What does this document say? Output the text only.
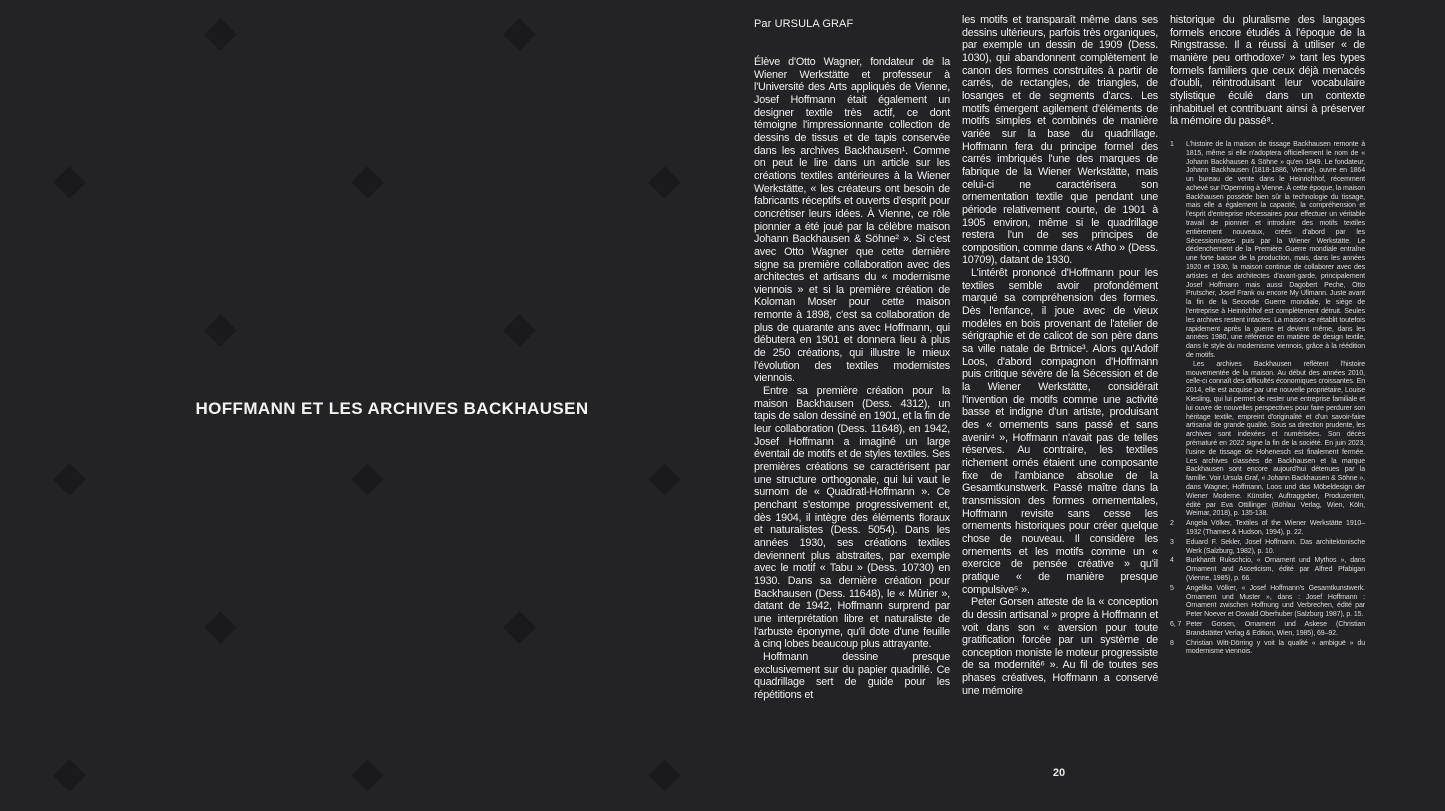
HOFFMANN ET LES ARCHIVES BACKHAUSEN
Par URSULA GRAF

Élève d'Otto Wagner, fondateur de la Wiener Werkstätte et professeur à l'Université des Arts appliqués de Vienne, Josef Hoffmann était également un designer textile très actif, ce dont témoigne l'impressionnante collection de dessins de tissus et de tapis conservée dans les archives Backhausen¹. Comme on peut le lire dans un article sur les créations textiles antérieures à la Wiener Werkstätte, « les créateurs ont besoin de fabricants réceptifs et ouverts d'esprit pour concrétiser leurs idées. À Vienne, ce rôle pionnier a été joué par la célèbre maison Johann Backhausen & Söhne² ». Si c'est avec Otto Wagner que cette dernière signe sa première collaboration avec des architectes et artisans du « modernisme viennois » et si la première création de Koloman Moser pour cette maison remonte à 1898, c'est sa collaboration de plus de quarante ans avec Hoffmann, qui débutera en 1901 et donnera lieu à plus de 250 créations, qui illustre le mieux l'évolution des textiles modernistes viennois.

Entre sa première création pour la maison Backhausen (Dess. 4312), un tapis de salon dessiné en 1901, et la fin de leur collaboration (Dess. 11648), en 1942, Josef Hoffmann a imaginé un large éventail de motifs et de styles textiles. Ses premières créations se caractérisent par une structure orthogonale, qui lui vaut le surnom de « Quadratl-Hoffmann ». Ce penchant s'estompe progressivement et, dès 1904, il intègre des éléments floraux et naturalistes (Dess. 5054). Dans les années 1930, ses créations textiles deviennent plus abstraites, par exemple avec le motif « Tabu » (Dess. 10730) en 1930. Dans sa dernière création pour Backhausen (Dess. 11648), le « Mûrier », datant de 1942, Hoffmann surprend par une interprétation libre et naturaliste de l'arbuste éponyme, qu'il dote d'une feuille à cinq lobes beaucoup plus attrayante.

Hoffmann dessine presque exclusivement sur du papier quadrillé. Ce quadrillage sert de guide pour les répétitions et

les motifs et transparaît même dans ses dessins ultérieurs, parfois très organiques, par exemple un dessin de 1909 (Dess. 1030), qui abandonnent complètement le canon des formes construites à partir de carrés, de rectangles, de triangles, de losanges et de segments d'arcs. Les motifs émergent agilement d'éléments de motifs simples et combinés de manière variée sur la base du quadrillage. Hoffmann fera du principe formel des carrés imbriqués l'une des marques de fabrique de la Wiener Werkstätte, mais celui-ci ne caractérisera son ornementation textile que pendant une période relativement courte, de 1901 à 1905 environ, même si le quadrillage restera l'un de ses principes de composition, comme dans « Atho » (Dess. 10709), datant de 1930.

L'intérêt prononcé d'Hoffmann pour les textiles semble avoir profondément marqué sa compréhension des formes. Dès l'enfance, il joue avec de vieux modèles en bois provenant de l'atelier de sérigraphie et de calicot de son père dans sa ville natale de Brtnice³. Alors qu'Adolf Loos, d'abord compagnon d'Hoffmann puis critique sévère de la Sécession et de la Wiener Werkstätte, considérait l'invention de motifs comme une activité basse et indigne d'un artiste, produisant des « ornements sans passé et sans avenir⁴ », Hoffmann n'avait pas de telles réserves. Au contraire, les textiles richement ornés étaient une composante fixe de l'ambiance absolue de la Gesamtkunstwerk. Passé maître dans la transmission des formes ornementales, Hoffmann revisite sans cesse les ornements historiques pour créer quelque chose de nouveau. Il considère les ornements et les motifs comme un « exercice de pensée créative » qu'il pratique « de manière presque compulsive⁵ ».

Peter Gorsen atteste de la « conception du dessin artisanal » propre à Hoffmann et voit dans son « aversion pour toute gratification forcée par un système de conception moniste le moteur progressiste de sa modernité⁶ ». Au fil de toutes ses phases créatives, Hoffmann a conservé une mémoire

historique du pluralisme des langages formels encore étudiés à l'époque de la Ringstrasse. Il a réussi à utiliser « de manière peu orthodoxe⁷ » tant les types formels familiers que ceux déjà menacés d'oubli, réintroduisant leur vocabulaire stylistique éculé dans un contexte inhabituel et contribuant ainsi à préserver la mémoire du passé⁸.

1 L'histoire de la maison de tissage Backhausen remonte à 1815, même si elle n'adoptera officiellement le nom de « Johann Backhausen & Söhne » qu'en 1849. Le fondateur, Johann Backhausen (1818-1886, Vienne), ouvre en 1864 un bureau de vente dans le Heinrichhof, récemment achevé sur l'Opernring à Vienne. À cette époque, la maison Backhausen possède bien sûr la technologie du tissage, mais elle a également la capacité, la compréhension et l'esprit d'entreprise nécessaires pour effectuer un véritable travail de pionnier et introduire des motifs textiles entièrement nouveaux, créés d'abord par les Sécessionnistes puis par la Wiener Werkstätte. Le déclenchement de la Première Guerre mondiale entraîne une forte baisse de la production, mais, dans les années 1920 et 1930, la maison continue de collaborer avec des artistes et des architectes d'avant-garde, principalement Josef Hoffmann mais aussi Dagobert Peche, Otto Prutscher, Josef Frank ou encore My Ullmann. Juste avant la fin de la Seconde Guerre mondiale, le siège de l'entreprise à Heinrichhof est complètement détruit. Seules les archives restent intactes. La maison se rétablit toutefois rapidement après la guerre et devient même, dans les années 1980, une référence en matière de design textile, dans le style du modernisme viennois, grâce à la réédition de motifs.

Les archives Backhausen reflètent l'histoire mouvementée de la maison. Au début des années 2010, celle-ci connaît des difficultés économiques croissantes. En 2014, elle est acquise par une nouvelle propriétaire, Louise Kiesling, qui lui permet de rester une entreprise familiale et lui ouvre de nouvelles perspectives pour faire perdurer son héritage textile, empreint d'originalité et d'un savoir-faire artisanal de grande qualité. Sous sa direction prudente, les archives sont indexées et numérisées. Son décès prématuré en 2022 signe la fin de la société. En juin 2023, l'usine de tissage de Hohenesch est finalement fermée. Les archives classées de Backhausen et la marque Backhausen sont encore aujourd'hui détenues par la famille. Voir Ursula Graf, « Johann Backhausen & Söhne », dans Wagner, Hoffmann, Loos und das Möbeldesign der Wiener Moderne. Künstler, Auftraggeber, Produzenten, édité par Eva Ottillinger (Böhlau Verlag, Wien, Köln, Weimar, 2018), p. 135-138.

2 Angela Völker, Textiles of the Wiener Werkstätte 1910–1932 (Thames & Hudson, 1994), p. 22.

3 Eduard F. Sekler, Josef Hoffmann. Das architektonische Werk (Salzburg, 1982), p. 10.

4 Burkhardt Rukschcio, « Ornament und Mythos », dans Ornament and Asceticism, édité par Alfred Pfabigan (Vienne, 1985), p. 66.

5 Angelika Völker, « Josef Hoffmann's Gesamtkunstwerk. Ornament und Muster », dans : Josef Hoffmann : Ornament zwischen Hoffnung und Verbrechen, édité par Peter Noever et Oswald Oberhuber (Salzburg 1987), p. 15.

6, 7 Peter Gorsen, Ornament und Askese (Christian Brandstätter Verlag & Edition, Wien, 1985), 69–92.

8 Christian Witt-Dörring y voit la qualité « ambiguë » du modernisme viennois.

20
